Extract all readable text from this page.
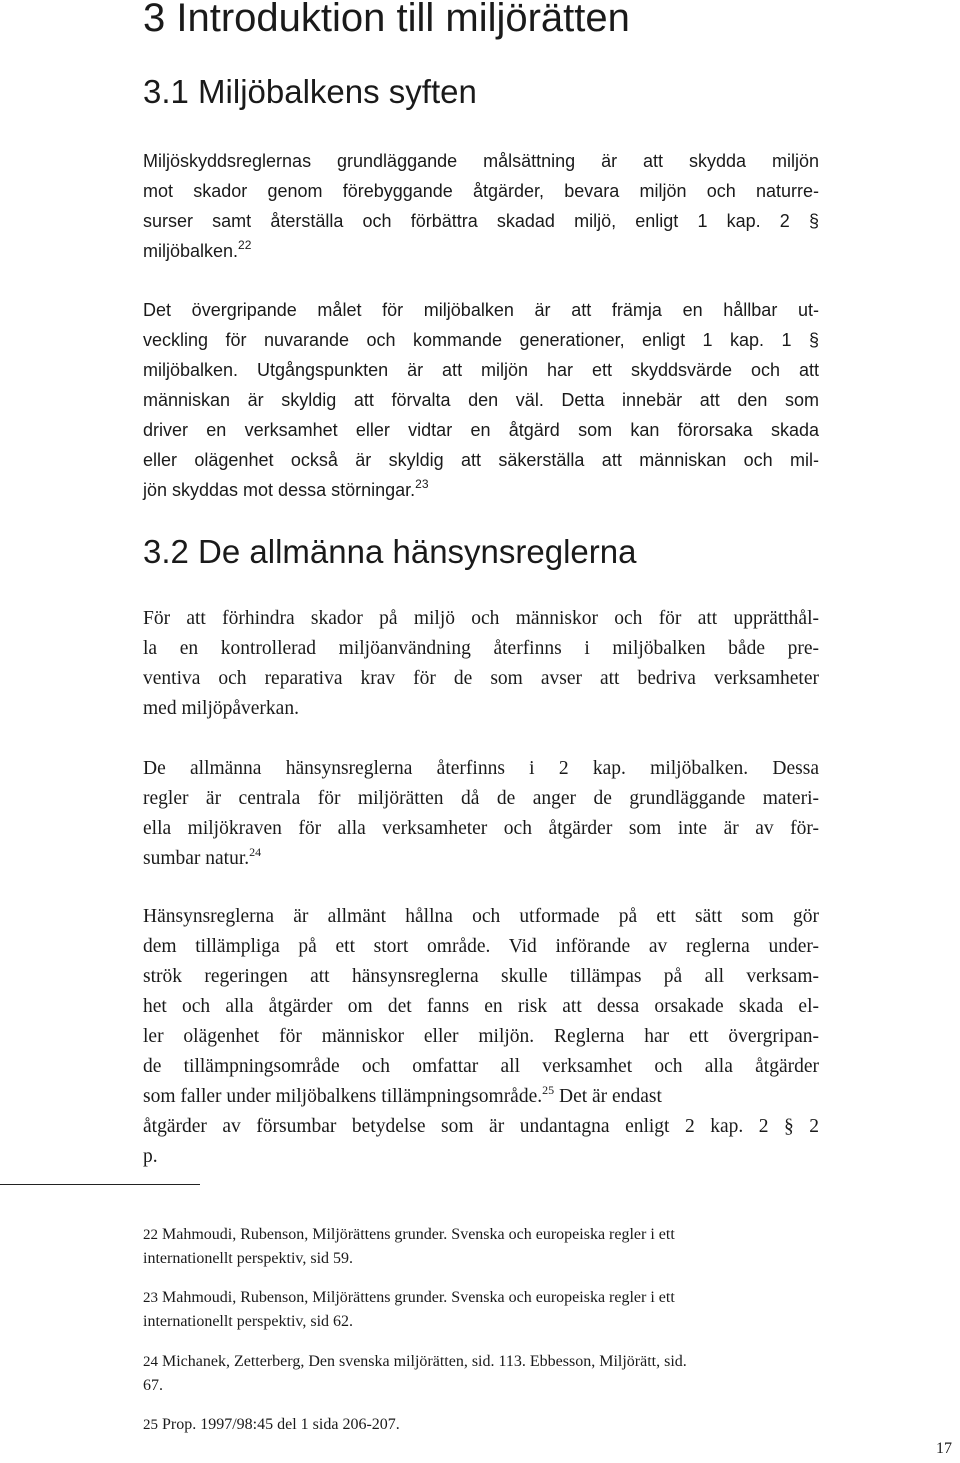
3 Introduktion till miljörätten
3.1 Miljöbalkens syften
Miljöskyddsreglernas grundläggande målsättning är att skydda miljön
mot skador genom förebyggande åtgärder, bevara miljön och naturre-
surser samt återställa och förbättra skadad miljö, enligt 1 kap. 2 §
miljöbalken.$^{22}$
Det övergripande målet för miljöbalken är att främja en hållbar ut-
veckling för nuvarande och kommande generationer, enligt 1 kap. 1 §
miljöbalken. Utgångspunkten är att miljön har ett skyddsvärde och att
människan är skyldig att förvalta den väl. Detta innebär att den som
driver en verksamhet eller vidtar en åtgärd som kan förorsaka skada
eller olägenhet också är skyldig att säkerställa att människan och mil-
jön skyddas mot dessa störningar.$^{23}$
3.2 De allmänna hänsynsreglerna
För att förhindra skador på miljö och människor och för att upprätthål-
la en kontrollerad miljöanvändning återfinns i miljöbalken både pre-
ventiva och reparativa krav för de som avser att bedriva verksamheter
med miljöpåverkan.
De allmänna hänsynsreglerna återfinns i 2 kap. miljöbalken. Dessa
regler är centrala för miljörätten då de anger de grundläggande materi-
ella miljökraven för alla verksamheter och åtgärder som inte är av för-
sumbar natur.$^{24}$
Hänsynsreglerna är allmänt hållna och utformade på ett sätt som gör
dem tillämpliga på ett stort område. Vid införande av reglerna under-
strök regeringen att hänsynsreglerna skulle tillämpas på all verksam-
het och alla åtgärder om det fanns en risk att dessa orsakade skada el-
ler olägenhet för människor eller miljön. Reglerna har ett övergripan-
de tillämpningsområde och omfattar all verksamhet och alla åtgärder
som faller under miljöbalkens tillämpningsområde.$^{25}$ Det är endast
åtgärder av försumbar betydelse som är undantagna enligt 2 kap. 2 § 2
p.
22 Mahmoudi, Rubenson, Miljörättens grunder. Svenska och europeiska regler i ett
internationellt perspektiv, sid 59.
23 Mahmoudi, Rubenson, Miljörättens grunder. Svenska och europeiska regler i ett
internationellt perspektiv, sid 62.
24 Michanek, Zetterberg, Den svenska miljörätten, sid. 113. Ebbesson, Miljörätt, sid.
67.
25 Prop. 1997/98:45 del 1 sida 206-207.
17
